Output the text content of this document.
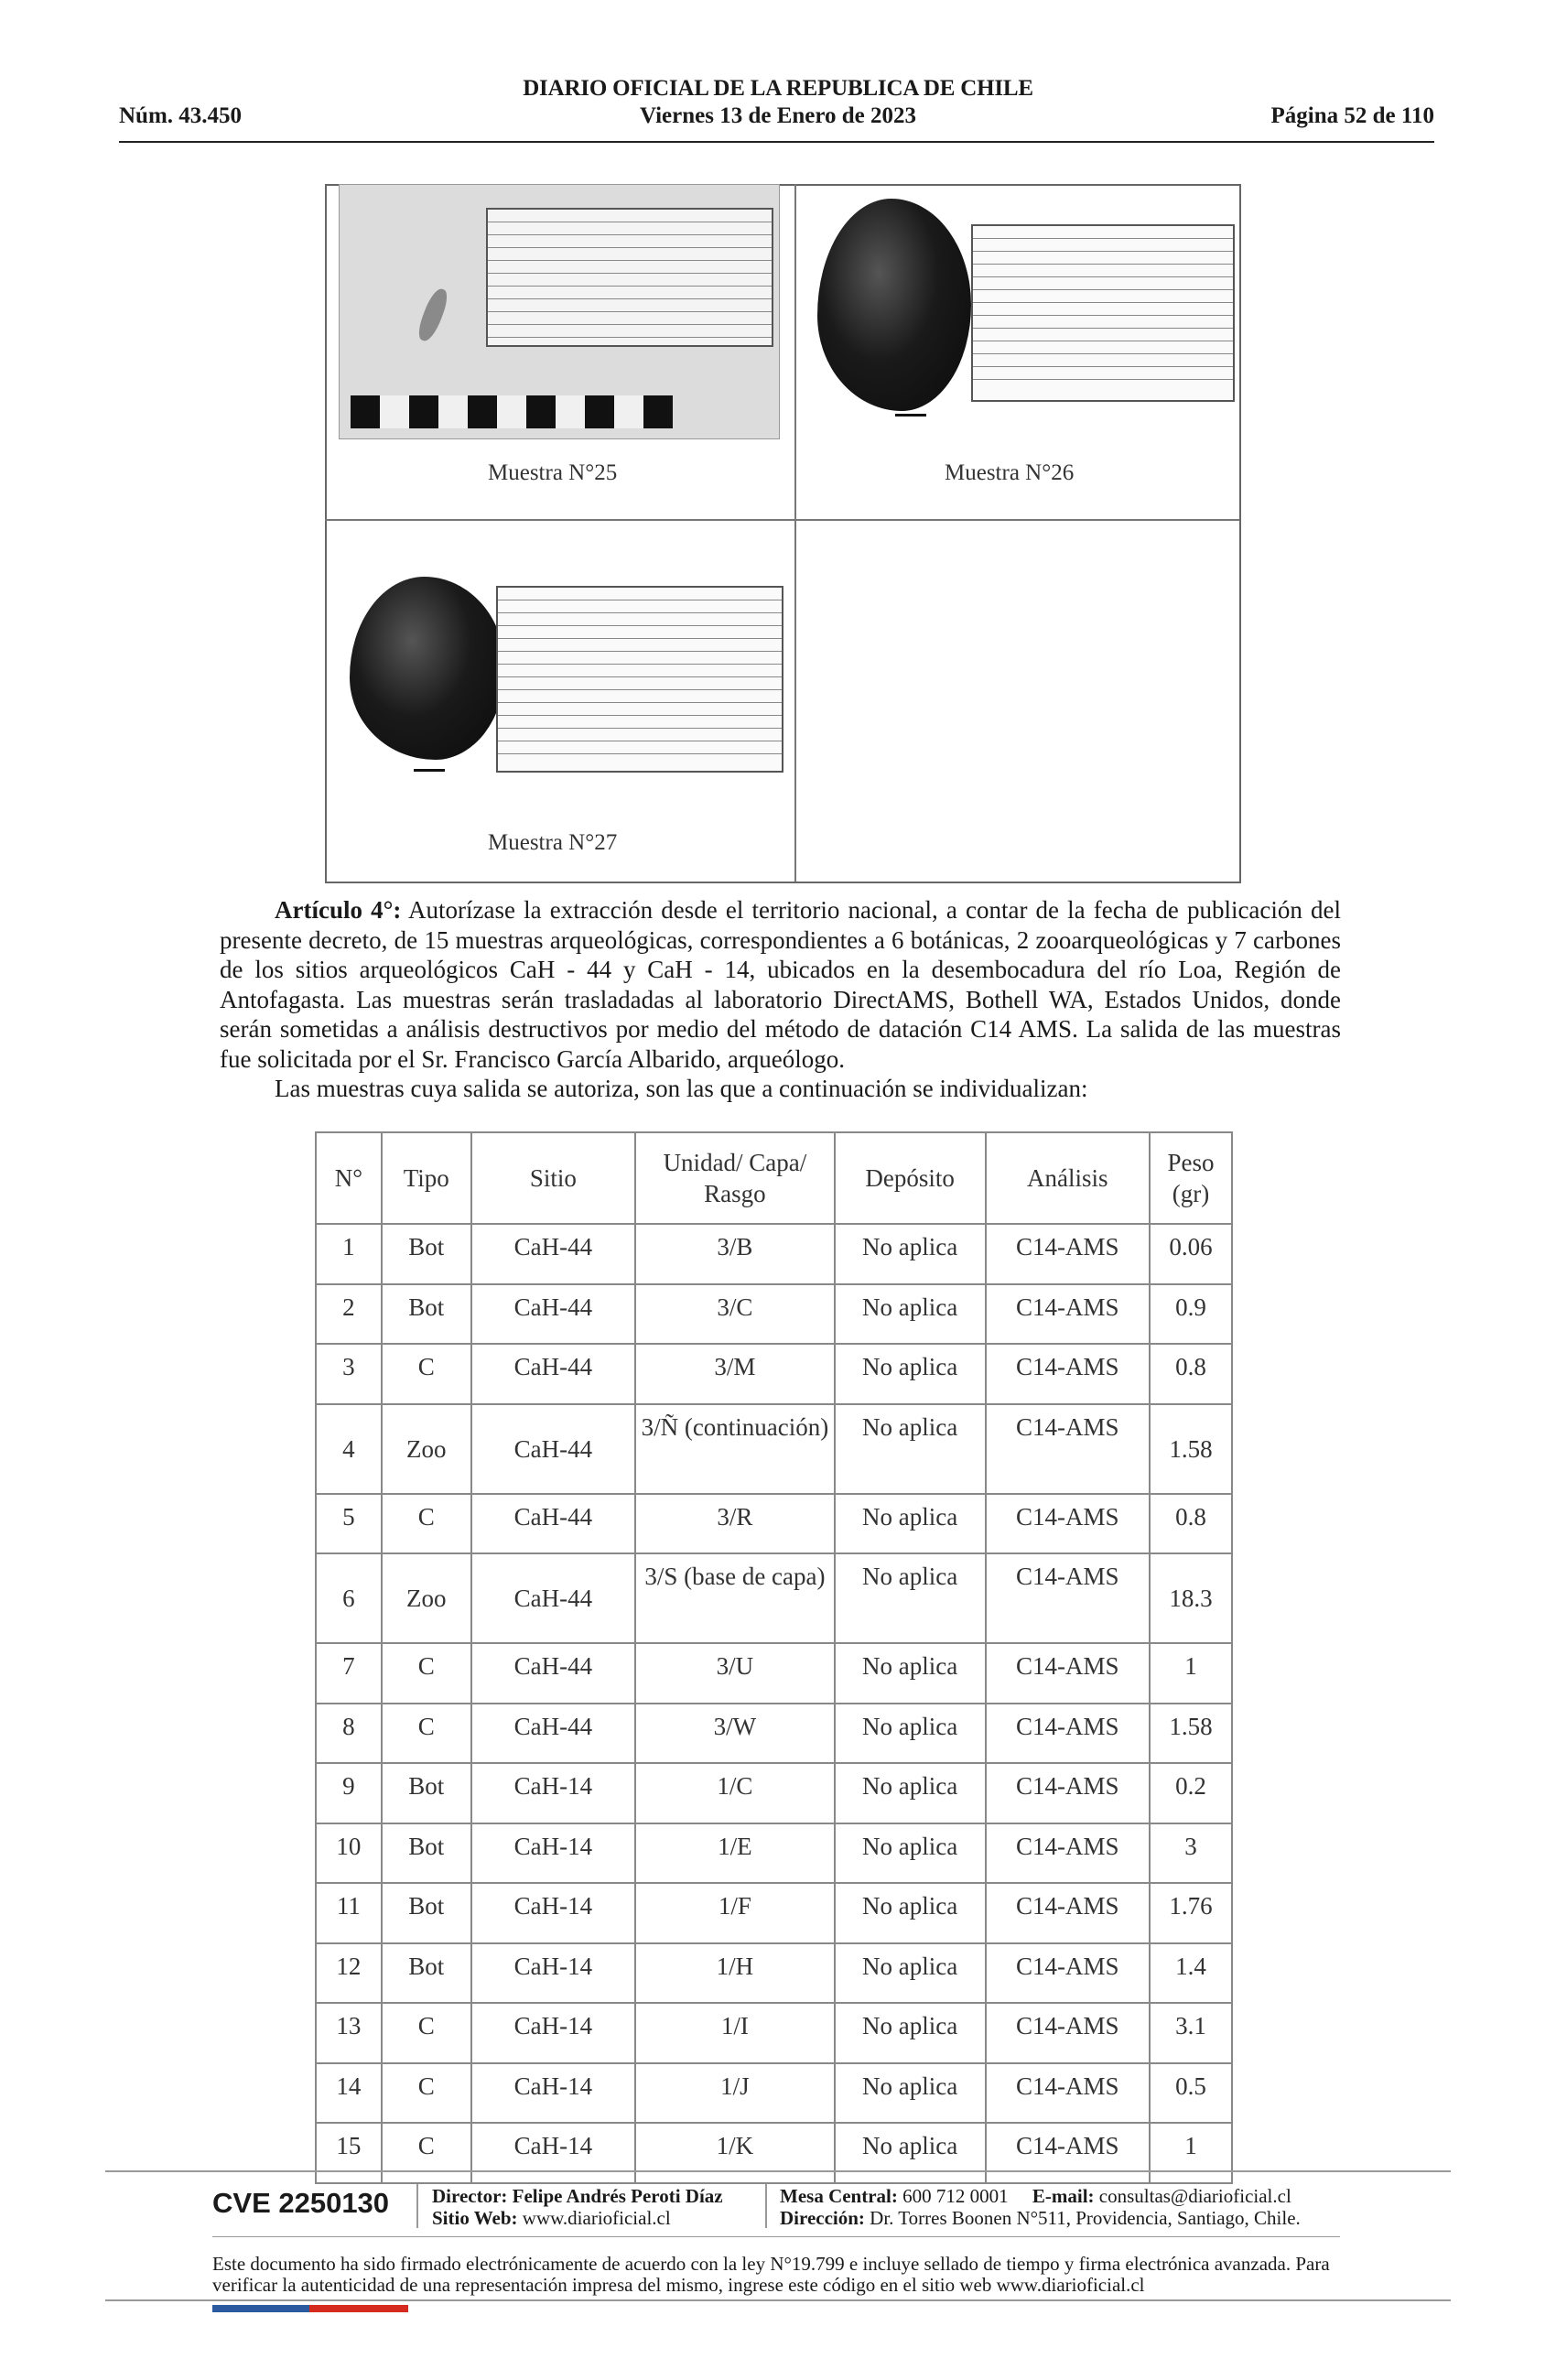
Núm. 43.450
DIARIO OFICIAL DE LA REPUBLICA DE CHILE
Viernes 13 de Enero de 2023	Página 52 de 110
Muestra N°25	Muestra N°26
Muestra N°27

Artículo 4°: Autorízase la extracción desde el territorio nacional, a contar de la fecha de publicación del presente decreto, de 15 muestras arqueológicas, correspondientes a 6 botánicas, 2 zooarqueológicas y 7 carbones de los sitios arqueológicos CaH - 44 y CaH - 14, ubicados en la desembocadura del río Loa, Región de Antofagasta. Las muestras serán trasladadas al laboratorio DirectAMS, Bothell WA, Estados Unidos, donde serán sometidas a análisis destructivos por medio del método de datación C14 AMS. La salida de las muestras fue solicitada por el Sr. Francisco García Albarido, arqueólogo.

Las muestras cuya salida se autoriza, son las que a continuación se individualizan:

N°	Tipo	Sitio	Unidad/ Capa/ Rasgo	Depósito	Análisis	Peso (gr)
1	Bot	CaH-44	3/B	No aplica	C14-AMS	0.06
2	Bot	CaH-44	3/C	No aplica	C14-AMS	0.9
3	C	CaH-44	3/M	No aplica	C14-AMS	0.8
4	Zoo	CaH-44	3/Ñ (continuación)	No aplica	C14-AMS	1.58
5	C	CaH-44	3/R	No aplica	C14-AMS	0.8
6	Zoo	CaH-44	3/S (base de capa)	No aplica	C14-AMS	18.3
7	C	CaH-44	3/U	No aplica	C14-AMS	1
8	C	CaH-44	3/W	No aplica	C14-AMS	1.58
9	Bot	CaH-14	1/C	No aplica	C14-AMS	0.2
10	Bot	CaH-14	1/E	No aplica	C14-AMS	3
11	Bot	CaH-14	1/F	No aplica	C14-AMS	1.76
12	Bot	CaH-14	1/H	No aplica	C14-AMS	1.4
13	C	CaH-14	1/I	No aplica	C14-AMS	3.1
14	C	CaH-14	1/J	No aplica	C14-AMS	0.5
15	C	CaH-14	1/K	No aplica	C14-AMS	1
CVE 2250130 Director: Felipe Andrés Peroti Díaz
Sitio Web: www.diarioficial.cl
Mesa Central: 600 712 0001 E-mail: consultas@diarioficial.cl
Dirección: Dr. Torres Boonen N°511, Providencia, Santiago, Chile.
Este documento ha sido firmado electrónicamente de acuerdo con la ley N°19.799 e incluye sellado de tiempo y firma electrónica avanzada. Para verificar la autenticidad de una representación impresa del mismo, ingrese este código en el sitio web www.diarioficial.cl
